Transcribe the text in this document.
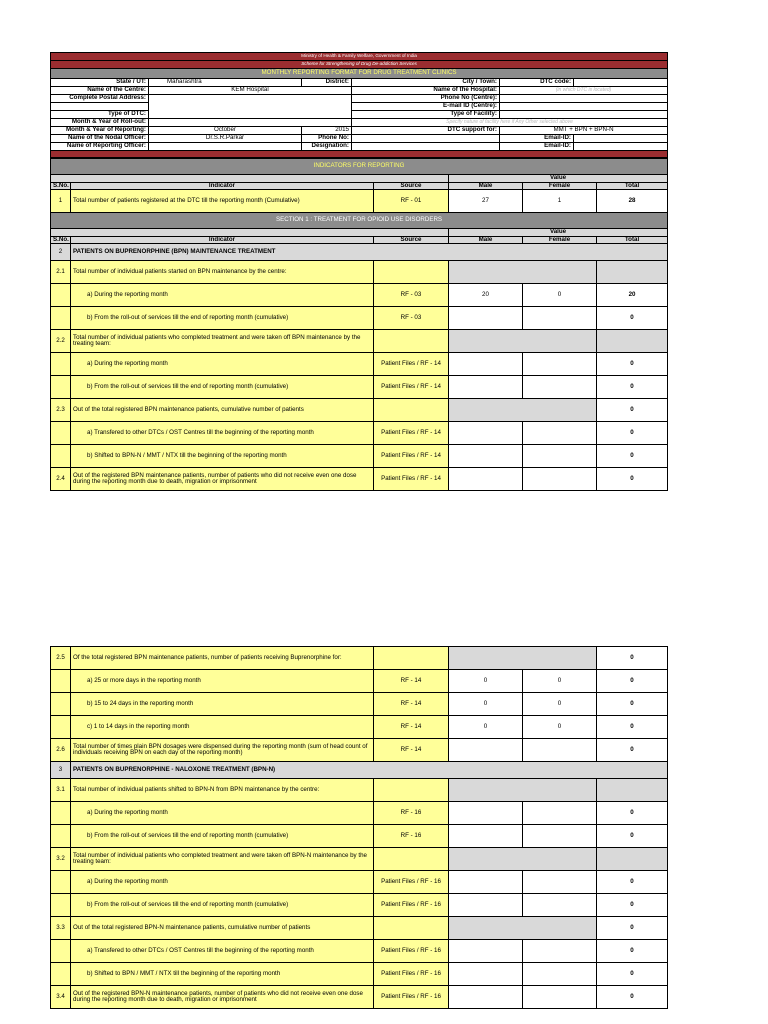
Ministry of Health & Family Welfare, Government of India					
Scheme for Strengthening of Drug De-addiction Services					
MONTHLY REPORTING FORMAT FOR DRUG TREATMENT CLINICS					
State / UT:	Maharashtra	District:	City / Town:	DTC code:	
Name of the Centre:	KEM Hospital		Name of the Hospital:	(in which DTC is located)	
Complete Postal Address:			Phone No (Centre):		
			E-mail ID (Centre):		
Type of DTC:			Type of Facility:		
Month & Year of Roll-out:			Specify nature of facility here if Any Other selected above		
Month & Year of Reporting:	October	2015	DTC support for:	MMT + BPN + BPN-N	
Name of the Nodal Officer:	Dr.S.R.Parkar	Phone No:		Email-ID:	
Name of Reporting Officer:		Designation:		Email-ID:	

INDICATORS FOR REPORTING					
			Value		
S.No.	Indicator	Source	Male	Female	Total
1	Total number of patients registered at the DTC till the reporting month (Cumulative)	RF - 01	27	1	28
SECTION 1 : TREATMENT FOR OPIOID USE DISORDERS					
			Value		
S.No.	Indicator	Source	Male	Female	Total
2	PATIENTS ON BUPRENORPHINE (BPN) MAINTENANCE TREATMENT				
2.1	Total number of individual patients started on BPN maintenance by the centre:				
	a) During the reporting month	RF - 03	20	0	20
	b) From the roll-out of services till the end of reporting month (cumulative)	RF - 03			0
2.2	Total number of individual patients who completed treatment and were taken off BPN maintenance by the treating team:				
	a) During the reporting month	Patient Files / RF - 14			0
	b) From the roll-out of services till the end of reporting month (cumulative)	Patient Files / RF - 14			0
2.3	Out of the total registered BPN maintenance patients, cumulative number of patients				0
	a) Transfered to other DTCs / OST Centres till the beginning of the reporting month	Patient Files / RF - 14			0
	b) Shifted to BPN-N / MMT / NTX till the beginning of the reporting month	Patient Files / RF - 14			0
2.4	Out of the registered BPN maintenance patients, number of patients who did not receive even one dose during the reporting month due to death, migration or imprisonment	Patient Files / RF - 14			0
2.5	Of the total registered BPN maintenance patients, number of patients receiving Buprenorphine for:				0
	a) 25 or more days in the reporting month	RF - 14	0	0	0
	b) 15 to 24 days in the reporting month	RF - 14	0	0	0
	c) 1 to 14 days in the reporting month	RF - 14	0	0	0
2.6	Total number of times plain BPN dosages were dispensed during the reporting month (sum of head count of individuals receiving BPN on each day of the reporting month)	RF - 14			0
3	PATIENTS ON BUPRENORPHINE - NALOXONE TREATMENT (BPN-N)				
3.1	Total number of individual patients shifted to BPN-N from BPN maintenance by the centre:				
	a) During the reporting month	RF - 16			0
	b) From the roll-out of services till the end of reporting month (cumulative)	RF - 16			0
3.2	Total number of individual patients who completed treatment and were taken off BPN-N maintenance by the treating team:				
	a) During the reporting month	Patient Files / RF - 16			0
	b) From the roll-out of services till the end of reporting month (cumulative)	Patient Files / RF - 16			0
3.3	Out of the total registered BPN-N maintenance patients, cumulative number of patients				0
	a) Transfered to other DTCs / OST Centres till the beginning of the reporting month	Patient Files / RF - 16			0
	b) Shifted to BPN / MMT / NTX till the beginning of the reporting month	Patient Files / RF - 16			0
3.4	Out of the registered BPN-N maintenance patients, number of patients who did not receive even one dose during the reporting month due to death, migration or imprisonment	Patient Files / RF - 16			0
